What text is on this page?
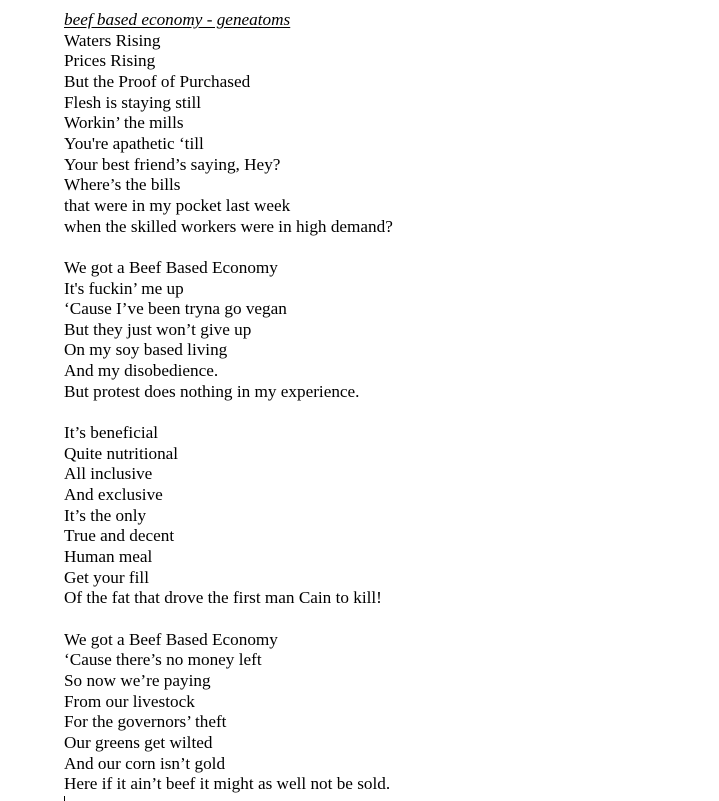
beef based economy - geneatoms
Waters Rising
Prices Rising
But the Proof of Purchased
Flesh is staying still
Workin’ the mills
You're apathetic ‘till
Your best friend’s saying, Hey?
Where’s the bills
that were in my pocket last week
when the skilled workers were in high demand?
We got a Beef Based Economy
It's fuckin’ me up
‘Cause I’ve been tryna go vegan
But they just won’t give up
On my soy based living
And my disobedience.
But protest does nothing in my experience.
It’s beneficial
Quite nutritional
All inclusive
And exclusive
It’s the only
True and decent
Human meal
Get your fill
Of the fat that drove the first man Cain to kill!
We got a Beef Based Economy
‘Cause there’s no money left
So now we’re paying
From our livestock
For the governors’ theft
Our greens get wilted
And our corn isn’t gold
Here if it ain’t beef it might as well not be sold.
